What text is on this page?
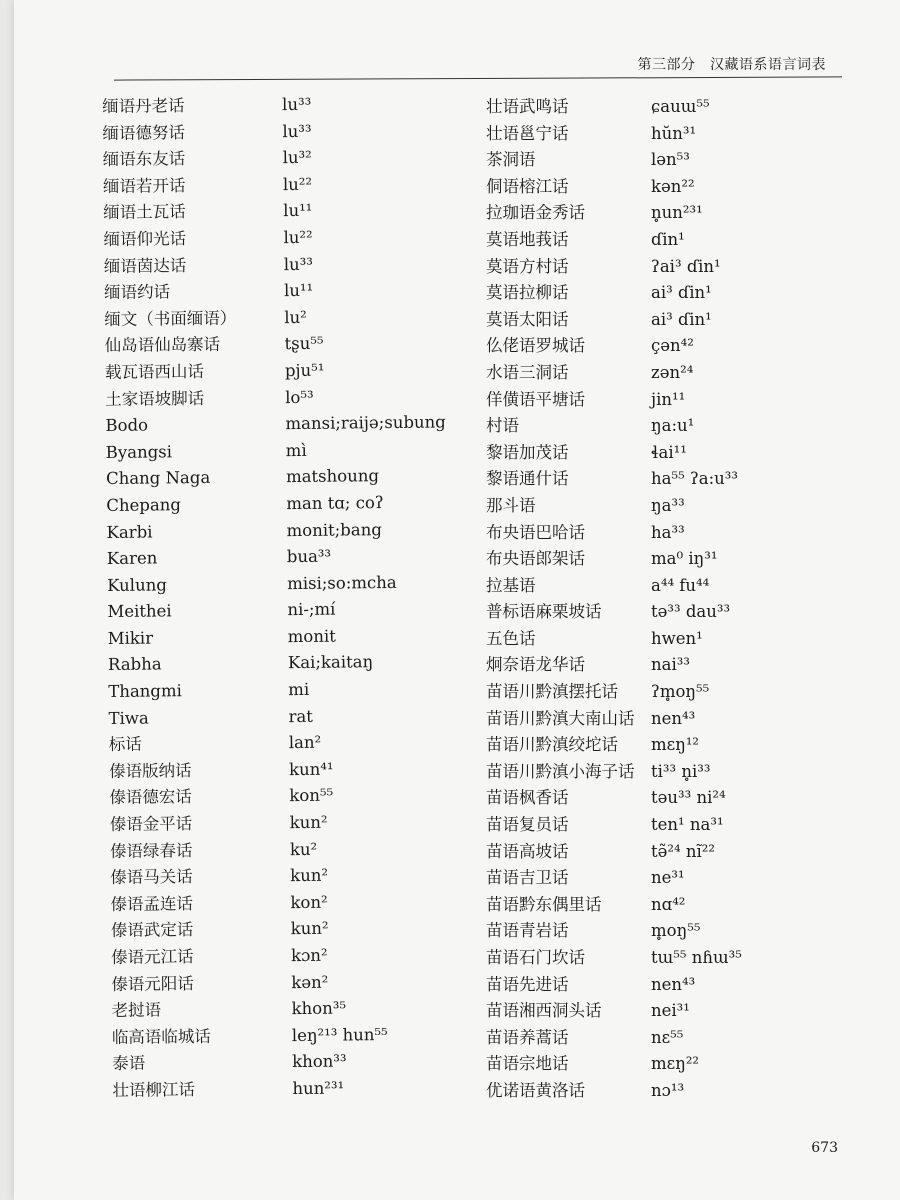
第三部分　汉藏语系语言词表
缅语丹老话	lu³³
缅语德努话	lu³³
缅语东友话	lu³²
缅语若开话	lu²²
缅语土瓦话	lu¹¹
缅语仰光话	lu²²
缅语茵达话	lu³³
缅语约话	lu¹¹
缅文（书面缅语）	lu²
仙岛语仙岛寨话	tʂu⁵⁵
载瓦语西山话	pju⁵¹
土家语坡脚话	lo⁵³
Bodo	mansi;raijə;subung
Byangsi	mì
Chang Naga	matshoung
Chepang	man tɑ; coʔ
Karbi	monit;bang
Karen	bua³³
Kulung	misi;so:mcha
Meithei	ni-;mí
Mikir	monit
Rabha	Kai;kaitaŋ
Thangmi	mi
Tiwa	rat
标话	lan²
傣语版纳话	kun⁴¹
傣语德宏话	kon⁵⁵
傣语金平话	kun²
傣语绿春话	ku²
傣语马关话	kun²
傣语孟连话	kon²
傣语武定话	kun²
傣语元江话	kɔn²
傣语元阳话	kən²
老挝语	khon³⁵
临高语临城话	leŋ²¹³ hun⁵⁵
泰语	khon³³
壮语柳江话	hun²³¹
壮语武鸣话	ɕauɯ⁵⁵
壮语邕宁话	hŭn³¹
茶洞语	lən⁵³
侗语榕江话	kən²²
拉珈语金秀话	n̥un²³¹
莫语地莪话	ɗin¹
莫语方村话	ʔai³ ɗin¹
莫语拉柳话	ai³ ɗin¹
莫语太阳话	ai³ ɗin¹
仫佬语罗城话	çən⁴²
水语三洞话	zən²⁴
佯僙语平塘话	jin¹¹
村语	ŋa:u¹
黎语加茂话	ɬai¹¹
黎语通什话	ha⁵⁵ ʔa:u³³
那斗语	ŋa³³
布央语巴哈话	ha³³
布央语郎架话	ma⁰ iŋ³¹
拉基语	a⁴⁴ fu⁴⁴
普标语麻栗坡话	tə³³ dau³³
五色话	hwen¹
炯奈语龙华话	nai³³
苗语川黔滇摆托话 ʔm̥oŋ⁵⁵
苗语川黔滇大南山话 nen⁴³
苗语川黔滇绞坨话 mɛŋ¹²
苗语川黔滇小海子话 ti³³ n̥i³³
苗语枫香话	təu³³ ni²⁴
苗语复员话	ten¹ na³¹
苗语高坡话	tə̃²⁴ nĩ²²
苗语吉卫话	ne³¹
苗语黔东偶里话	nɑ⁴²
苗语青岩话	m̥oŋ⁵⁵
苗语石门坎话	tɯ⁵⁵ nɦɯ³⁵
苗语先进话	nen⁴³
苗语湘西洞头话	nei³¹
苗语养蒿话	nɛ⁵⁵
苗语宗地话	mɛŋ²²
优诺语黄洛话	nɔ¹³
673
